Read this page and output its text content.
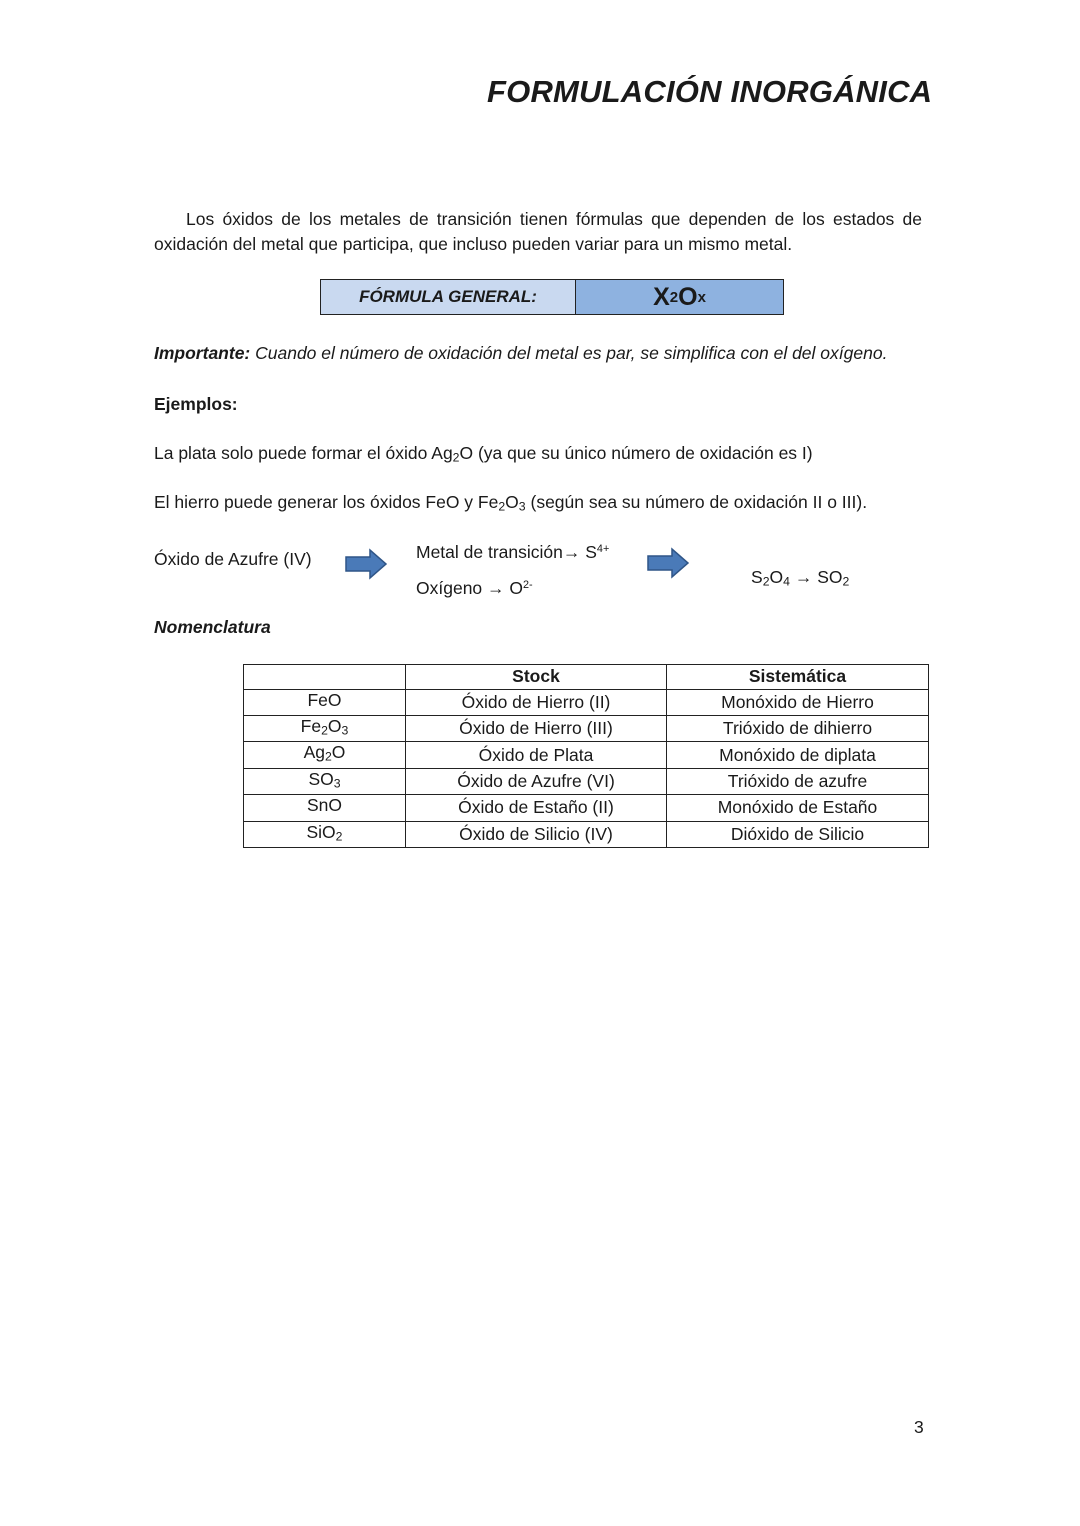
FORMULACIÓN INORGÁNICA
Los óxidos de los metales de transición tienen fórmulas que dependen de los estados de
oxidación del metal que participa, que incluso pueden variar para un mismo metal.
FÓRMULA GENERAL:	X 2 O x
Importante: Cuando el número de oxidación del metal es par, se simplifica con el del oxígeno.
Ejemplos:
La plata solo puede formar el óxido $Ag_2O$ (ya que su único número de oxidación es I)
El hierro puede generar los óxidos FeO y $Fe_2O_3$ (según sea su número de oxidación II o III).
Óxido de Azufre (IV)	Metal de transición→ $S^{4+}$
Oxígeno → $O^{2-}$	$S_2O_4 \to SO_2$
Nomenclatura
	Stock	Sistemática
FeO	Óxido de Hierro (II)	Monóxido de Hierro
$Fe_2O_3$	Óxido de Hierro (III)	Trióxido de dihierro
$Ag_2O$	Óxido de Plata	Monóxido de diplata
$SO_3$	Óxido de Azufre (VI)	Trióxido de azufre
SnO	Óxido de Estaño (II)	Monóxido de Estaño
SiO$_2$	Óxido de Silicio (IV)	Dióxido de Silicio
3
